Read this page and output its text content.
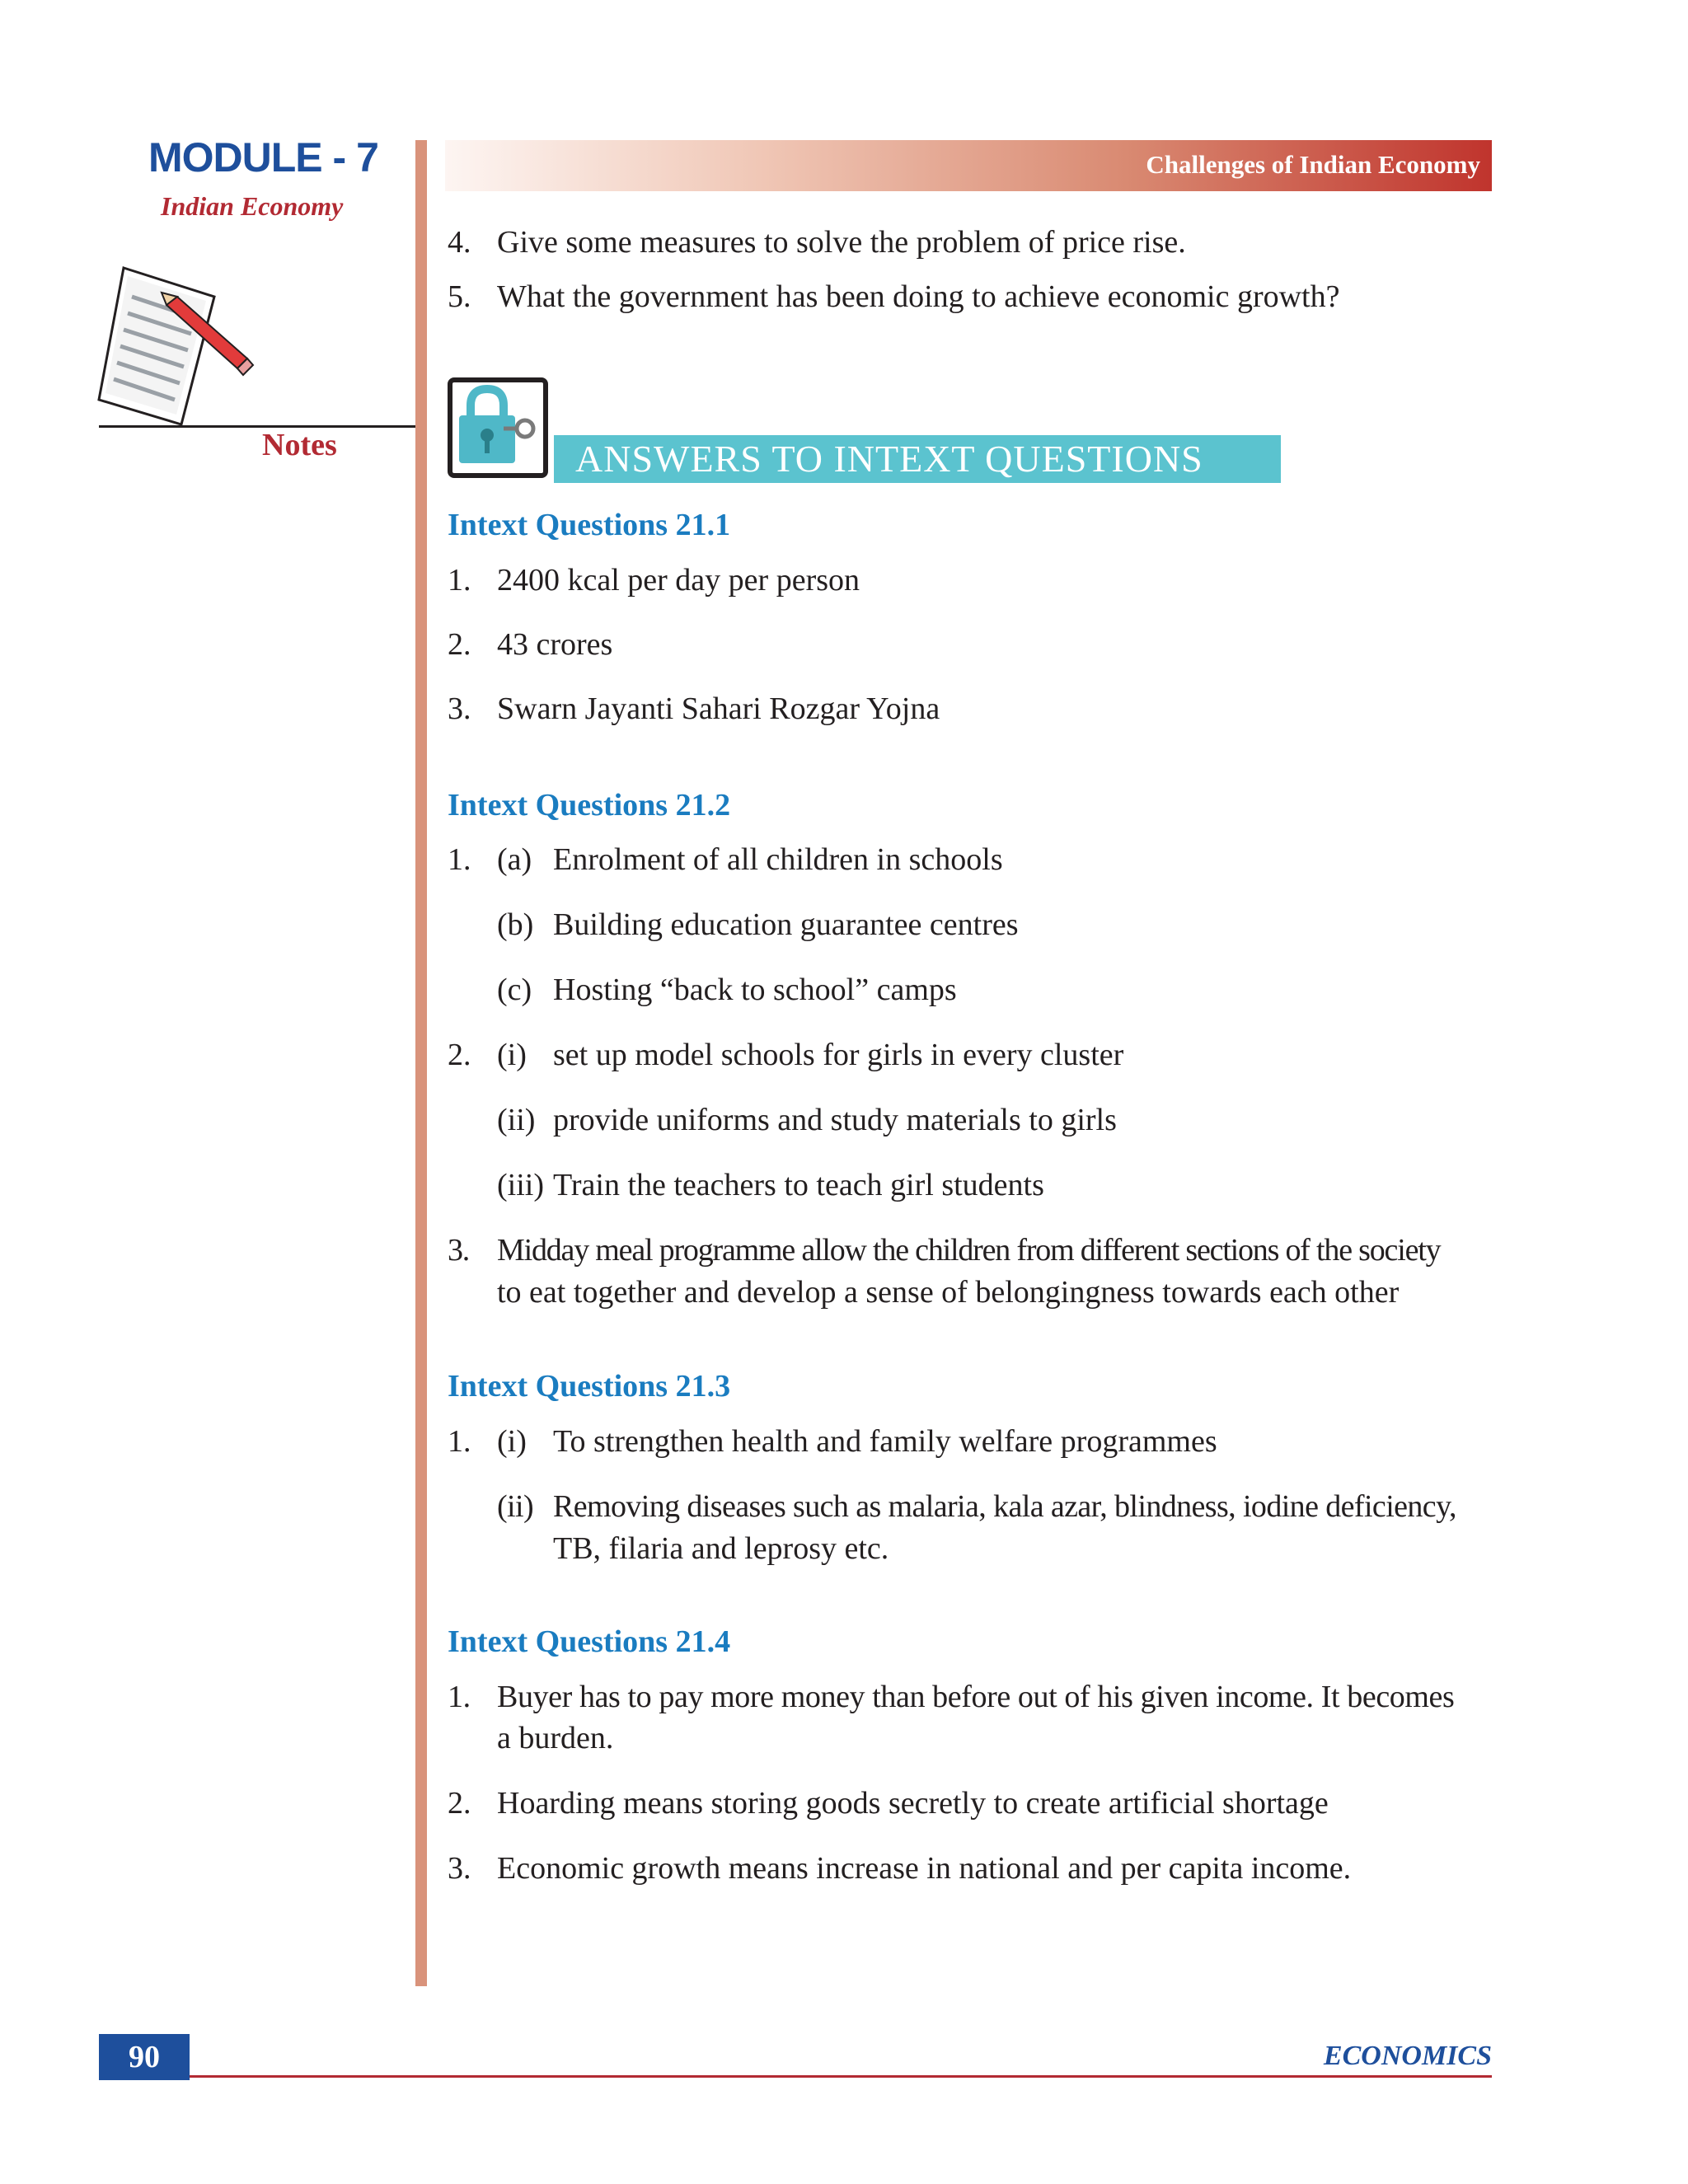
MODULE - 7
Indian Economy
Notes
Challenges of Indian Economy
4. Give some measures to solve the problem of price rise.
5. What the government has been doing to achieve economic growth?
ANSWERS TO INTEXT QUESTIONS
Intext Questions 21.1
1. 2400 kcal per day per person
2. 43 crores
3. Swarn Jayanti Sahari Rozgar Yojna
Intext Questions 21.2
1. (a) Enrolment of all children in schools
(b) Building education guarantee centres
(c) Hosting “back to school” camps
2. (i) set up model schools for girls in every cluster
(ii) provide uniforms and study materials to girls
(iii) Train the teachers to teach girl students
3. Midday meal programme allow the children from different sections of the society
to eat together and develop a sense of belongingness towards each other
Intext Questions 21.3
1. (i) To strengthen health and family welfare programmes
(ii) Removing diseases such as malaria, kala azar, blindness, iodine deficiency,
TB, filaria and leprosy etc.
Intext Questions 21.4
1. Buyer has to pay more money than before out of his given income. It becomes
a burden.
2. Hoarding means storing goods secretly to create artificial shortage
3. Economic growth means increase in national and per capita income.
90	ECONOMICS
